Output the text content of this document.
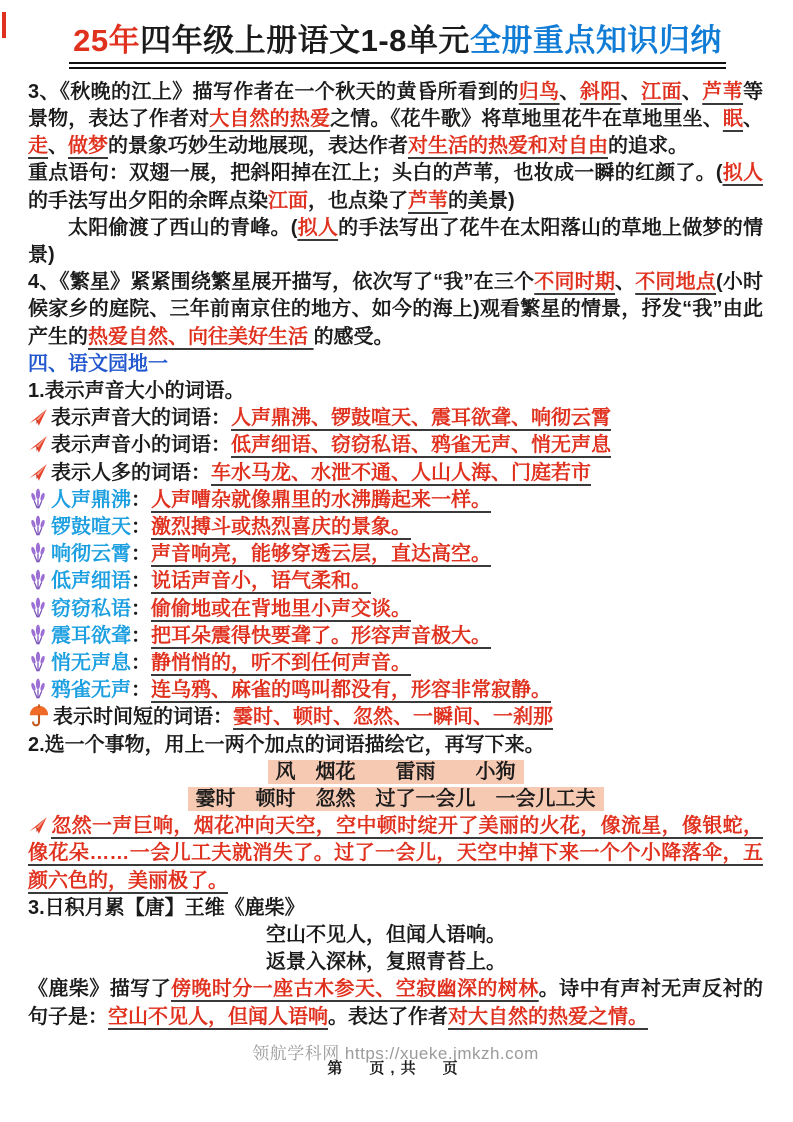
25年四年级上册语文1-8单元全册重点知识归纳

3、《秋晚的江上》描写作者在一个秋天的黄昏所看到的归鸟、斜阳、江面、芦苇等景物，表达了作者对大自然的热爱之情。《花牛歌》将草地里花牛在草地里坐、眠、走、做梦的景象巧妙生动地展现，表达作者对生活的热爱和对自由的追求。

重点语句：双翅一展，把斜阳掉在江上；头白的芦苇，也妆成一瞬的红颜了。(拟人的手法写出夕阳的余晖点染江面，也点染了芦苇的美景)

太阳偷渡了西山的青峰。(拟人的手法写出了花牛在太阳落山的草地上做梦的情景)

4、《繁星》紧紧围绕繁星展开描写，依次写了“我”在三个不同时期、不同地点(小时候家乡的庭院、三年前南京住的地方、如今的海上)观看繁星的情景，抒发“我”由此产生的热爱自然、向往美好生活 的感受。

四、语文园地一

1.表示声音大小的词语。

表示声音大的词语：人声鼎沸、锣鼓喧天、震耳欲聋、响彻云霄

表示声音小的词语：低声细语、窃窃私语、鸦雀无声、悄无声息

表示人多的词语：车水马龙、水泄不通、人山人海、门庭若市

人声鼎沸：人声嘈杂就像鼎里的水沸腾起来一样。

锣鼓喧天：激烈搏斗或热烈喜庆的景象。

响彻云霄：声音响亮，能够穿透云层，直达高空。

低声细语：说话声音小，语气柔和。

窃窃私语：偷偷地或在背地里小声交谈。

震耳欲聋：把耳朵震得快要聋了。形容声音极大。

悄无声息：静悄悄的，听不到任何声音。

鸦雀无声：连乌鸦、麻雀的鸣叫都没有，形容非常寂静。

表示时间短的词语：霎时、顿时、忽然、一瞬间、一刹那

2.选一个事物，用上一两个加点的词语描绘它，再写下来。

风　烟花　　雷雨　　小狗

霎时　顿时　忽然　过了一会儿　一会儿工夫

忽然一声巨响，烟花冲向天空，空中顿时绽开了美丽的火花，像流星，像银蛇，像花朵……一会儿工夫就消失了。过了一会儿，天空中掉下来一个个小降落伞，五颜六色的，美丽极了。

3.日积月累 【唐】王维《鹿柴》

空山不见人，但闻人语响。

返景入深林，复照青苔上。

《鹿柴》描写了傍晚时分一座古木参天、空寂幽深的树林。诗中有声衬无声反衬的句子是：空山不见人，但闻人语响。表达了作者对大自然的热爱之情。

领航学科网 https://xueke.jmkzh.com
第　页,共　页
